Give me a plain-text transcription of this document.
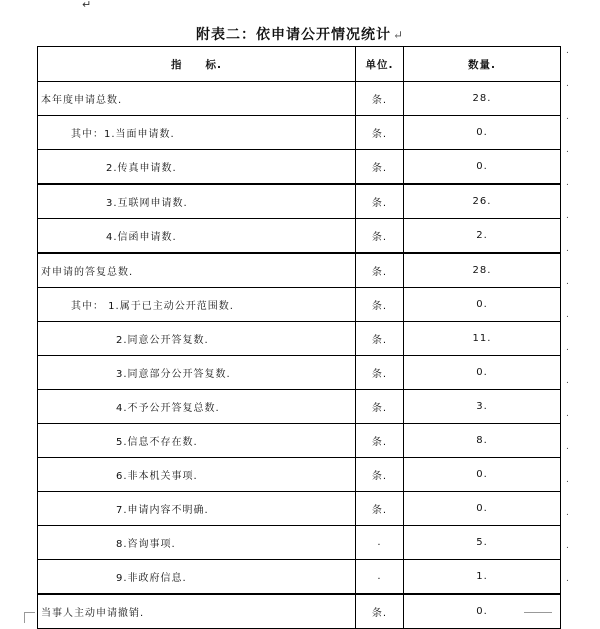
↵
附表二：依申请公开情况统计 ↵
指　　标.	单位.	数量.
本年度申请总数.	条.	28.
其中：1.当面申请数.	条.	0.
2.传真申请数.	条.	0.
3.互联网申请数.	条.	26.
4.信函申请数.	条.	2.
对申请的答复总数.	条.	28.
其中： 1.属于已主动公开范围数.	条.	0.
2.同意公开答复数.	条.	11.
3.同意部分公开答复数.	条.	0.
4.不予公开答复总数.	条.	3.
5.信息不存在数.	条.	8.
6.非本机关事项.	条.	0.
7.申请内容不明确.	条.	0.
8.咨询事项.	.	5.
9.非政府信息.	.	1.
当事人主动申请撤销.	条.	0.
.
.
.
.
.
.
.
.
.
.
.
.
.
.
.
.
.
